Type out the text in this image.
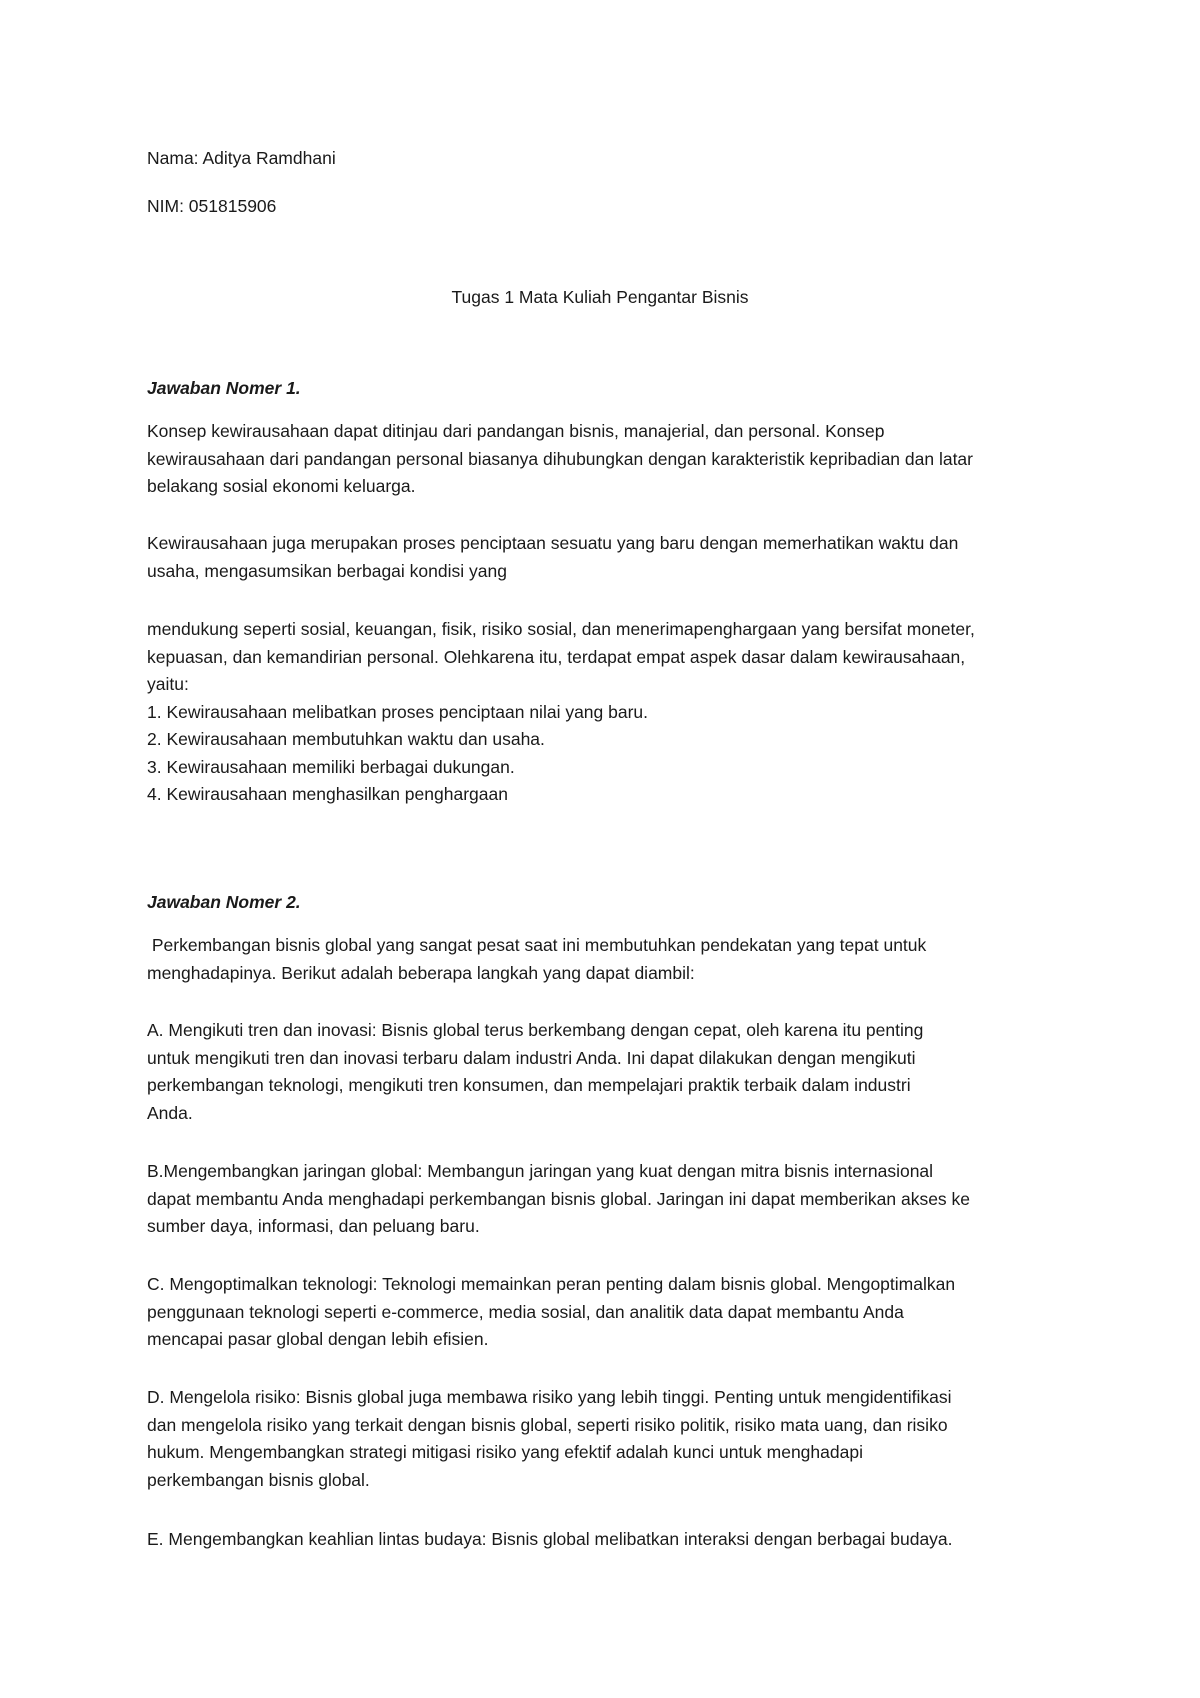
Nama: Aditya Ramdhani

NIM: 051815906

Tugas 1 Mata Kuliah Pengantar Bisnis

Jawaban Nomer 1.

Konsep kewirausahaan dapat ditinjau dari pandangan bisnis, manajerial, dan personal. Konsep
kewirausahaan dari pandangan personal biasanya dihubungkan dengan karakteristik kepribadian dan latar
belakang sosial ekonomi keluarga.
Kewirausahaan juga merupakan proses penciptaan sesuatu yang baru dengan memerhatikan waktu dan
usaha, mengasumsikan berbagai kondisi yang
mendukung seperti sosial, keuangan, fisik, risiko sosial, dan menerimapenghargaan yang bersifat moneter,
kepuasan, dan kemandirian personal. Olehkarena itu, terdapat empat aspek dasar dalam kewirausahaan,
yaitu:
1. Kewirausahaan melibatkan proses penciptaan nilai yang baru.
2. Kewirausahaan membutuhkan waktu dan usaha.
3. Kewirausahaan memiliki berbagai dukungan.
4. Kewirausahaan menghasilkan penghargaan

Jawaban Nomer 2.

Perkembangan bisnis global yang sangat pesat saat ini membutuhkan pendekatan yang tepat untuk
menghadapinya. Berikut adalah beberapa langkah yang dapat diambil:
A. Mengikuti tren dan inovasi: Bisnis global terus berkembang dengan cepat, oleh karena itu penting
untuk mengikuti tren dan inovasi terbaru dalam industri Anda. Ini dapat dilakukan dengan mengikuti
perkembangan teknologi, mengikuti tren konsumen, dan mempelajari praktik terbaik dalam industri
Anda.
B.Mengembangkan jaringan global: Membangun jaringan yang kuat dengan mitra bisnis internasional
dapat membantu Anda menghadapi perkembangan bisnis global. Jaringan ini dapat memberikan akses ke
sumber daya, informasi, dan peluang baru.
C. Mengoptimalkan teknologi: Teknologi memainkan peran penting dalam bisnis global. Mengoptimalkan
penggunaan teknologi seperti e-commerce, media sosial, dan analitik data dapat membantu Anda
mencapai pasar global dengan lebih efisien.
D. Mengelola risiko: Bisnis global juga membawa risiko yang lebih tinggi. Penting untuk mengidentifikasi
dan mengelola risiko yang terkait dengan bisnis global, seperti risiko politik, risiko mata uang, dan risiko
hukum. Mengembangkan strategi mitigasi risiko yang efektif adalah kunci untuk menghadapi
perkembangan bisnis global.
E. Mengembangkan keahlian lintas budaya: Bisnis global melibatkan interaksi dengan berbagai budaya.
